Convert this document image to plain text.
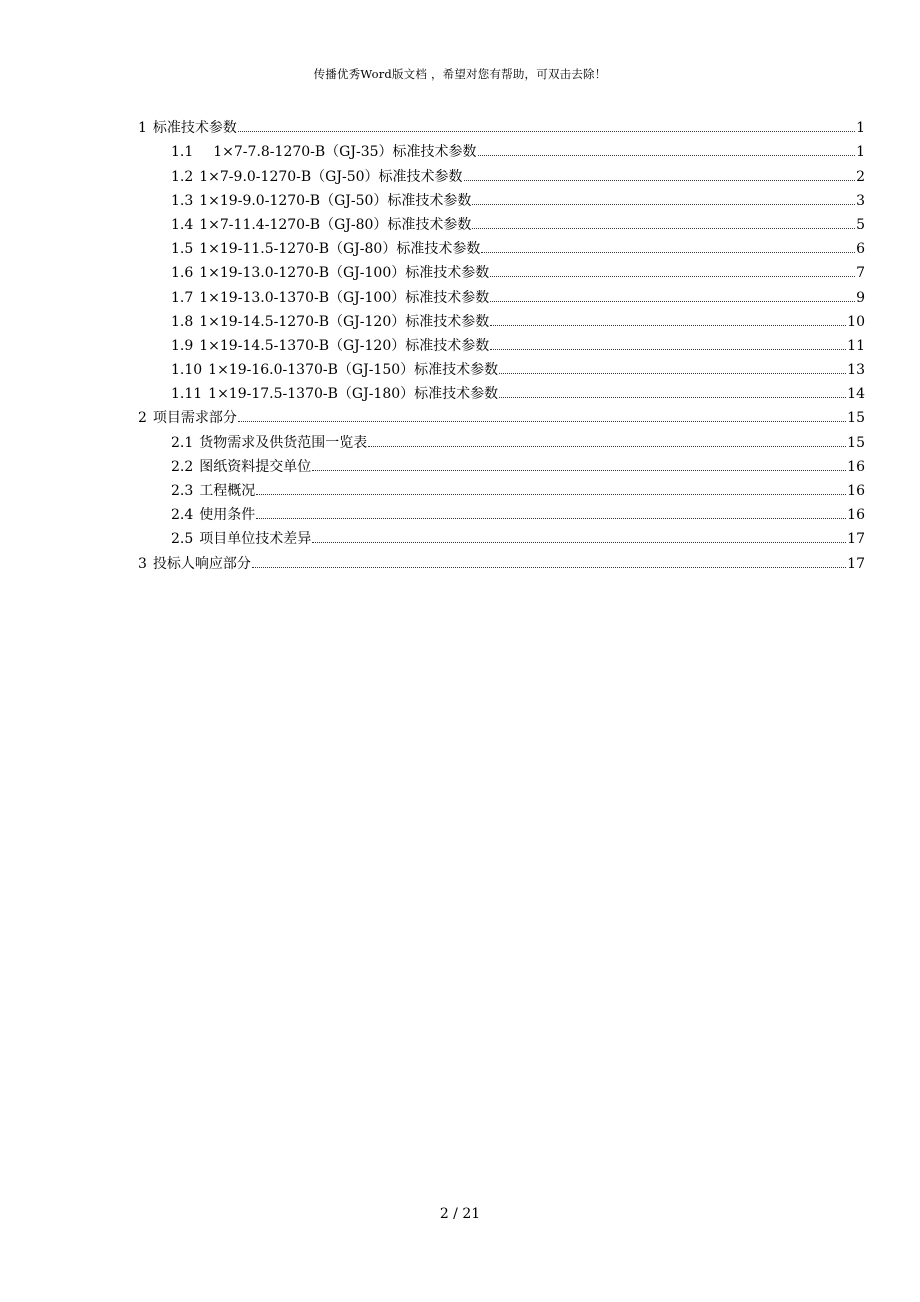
传播优秀Word版文档 ，希望对您有帮助，可双击去除！
1 标准技术参数	1
1.1 　1×7-7.8-1270-B（GJ-35）标准技术参数	1
1.2 1×7-9.0-1270-B（GJ-50）标准技术参数	2
1.3 1×19-9.0-1270-B（GJ-50）标准技术参数	3
1.4 1×7-11.4-1270-B（GJ-80）标准技术参数	5
1.5 1×19-11.5-1270-B（GJ-80）标准技术参数	6
1.6 1×19-13.0-1270-B（GJ-100）标准技术参数	7
1.7 1×19-13.0-1370-B（GJ-100）标准技术参数	9
1.8 1×19-14.5-1270-B（GJ-120）标准技术参数	10
1.9 1×19-14.5-1370-B（GJ-120）标准技术参数	11
1.10 1×19-16.0-1370-B（GJ-150）标准技术参数	13
1.11 1×19-17.5-1370-B（GJ-180）标准技术参数	14
2 项目需求部分	15
2.1 货物需求及供货范围一览表	15
2.2 图纸资料提交单位	16
2.3 工程概况	16
2.4 使用条件	16
2.5 项目单位技术差异	17
3 投标人响应部分	17
2 / 21
